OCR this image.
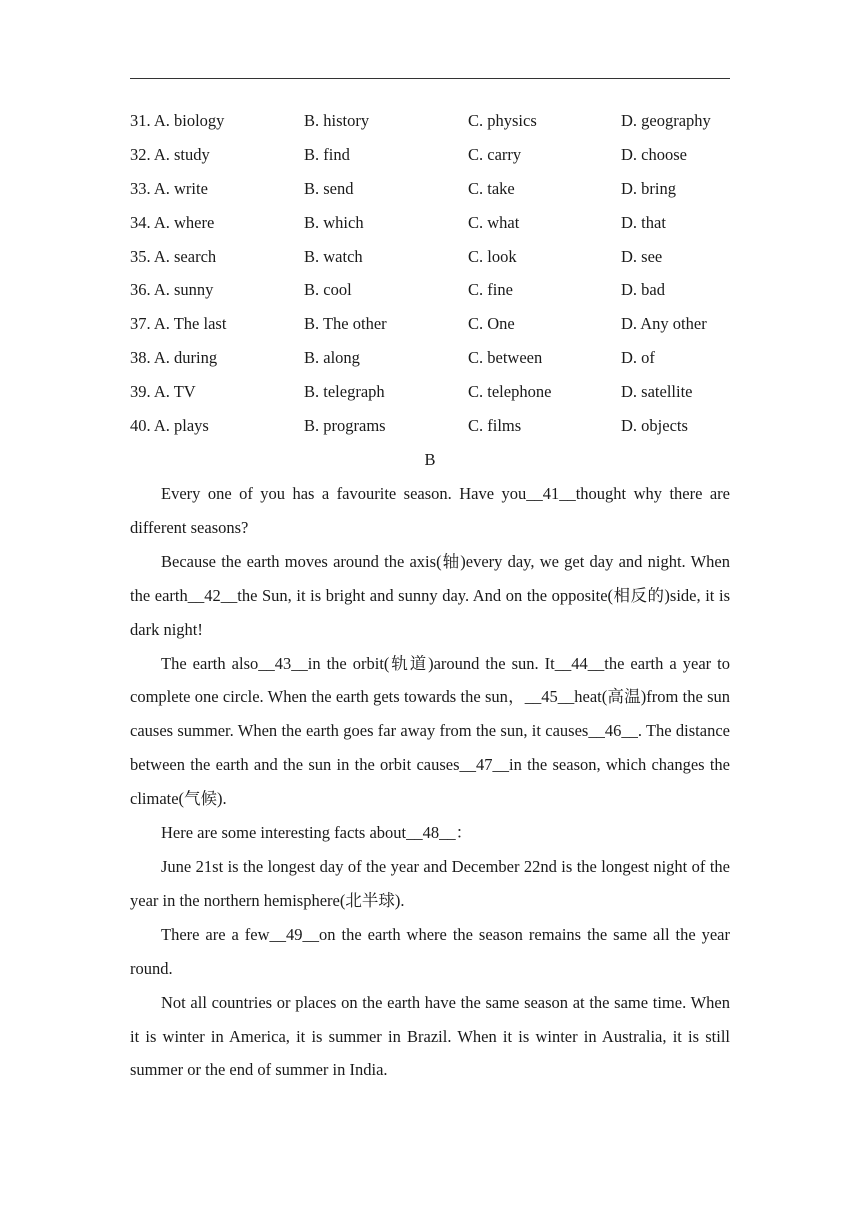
31. A. biology	B. history	C. physics	D. geography
32. A. study	B. find	C. carry	D. choose
33. A. write	B. send	C. take	D. bring
34. A. where	B. which	C. what	D. that
35. A. search	B. watch	C. look	D. see
36. A. sunny	B. cool	C. fine	D. bad
37. A. The last	B. The other	C. One	D. Any other
38. A. during	B. along	C. between	D. of
39. A. TV	B. telegraph	C. telephone	D. satellite
40. A. plays	B. programs	C. films	D. objects
B

Every one of you has a favourite season. Have you__41__thought why there are different seasons?

Because the earth moves around the axis(轴)every day, we get day and night. When the earth__42__the Sun, it is bright and sunny day. And on the opposite(相反的)side, it is dark night!

The earth also__43__in the orbit(轨道)around the sun. It__44__the earth a year to complete one circle. When the earth gets towards the sun，__45__heat(高温)from the sun causes summer. When the earth goes far away from the sun, it causes__46__. The distance between the earth and the sun in the orbit causes__47__in the season, which changes the climate(气候).

Here are some interesting facts about__48__：

June 21st is the longest day of the year and December 22nd is the longest night of the year in the northern hemisphere(北半球).

There are a few__49__on the earth where the season remains the same all the year round.

Not all countries or places on the earth have the same season at the same time. When it is winter in America, it is summer in Brazil. When it is winter in Australia, it is still summer or the end of summer in India.
